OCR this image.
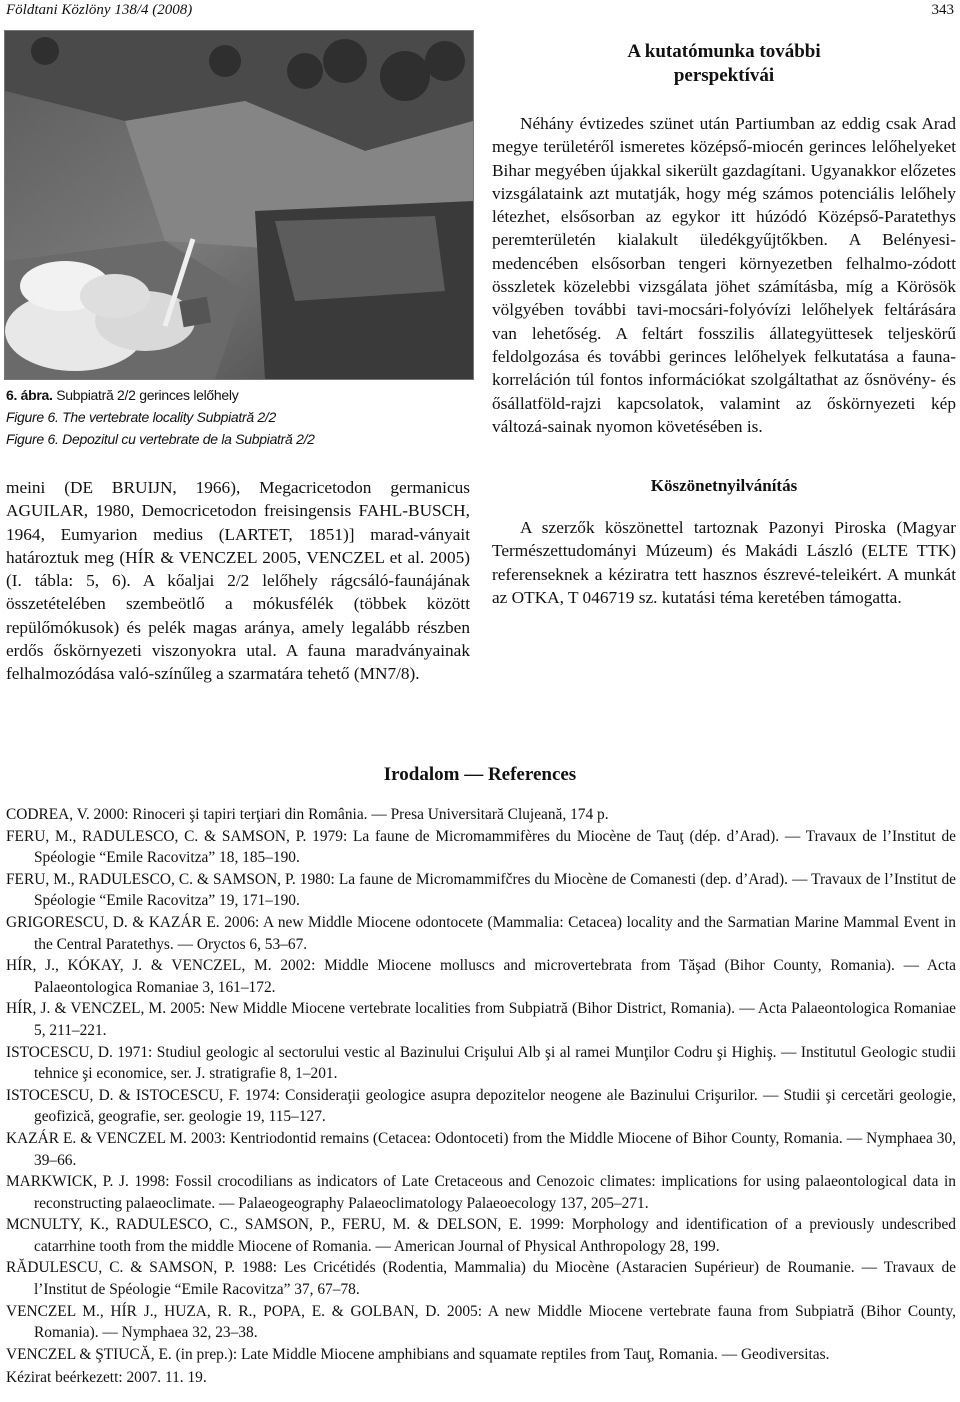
Földtani Közlöny 138/4 (2008)	343
6. ábra. Subpiatră 2/2 gerinces lelőhely
Figure 6. The vertebrate locality Subpiatră 2/2
Figure 6. Depozitul cu vertebrate de la Subpiatră 2/2
meini (DE BRUIJN, 1966), Megacricetodon germanicus AGUILAR, 1980, Democricetodon freisingensis FAHL-BUSCH, 1964, Eumyarion medius (LARTET, 1851)] marad-ványait határoztuk meg (HÍR & VENCZEL 2005, VENCZEL et al. 2005) (I. tábla: 5, 6). A kőaljai 2/2 lelőhely rágcsáló-faunájának összetételében szembeötlő a mókusfélék (többek között repülőmókusok) és pelék magas aránya, amely legalább részben erdős őskörnyezeti viszonyokra utal. A fauna maradványainak felhalmozódása való-színűleg a szarmatára tehető (MN7/8).

A kutatómunka további
perspektívái

Néhány évtizedes szünet után Partiumban az eddig csak Arad megye területéről ismeretes középső-miocén gerinces lelőhelyeket Bihar megyében újakkal sikerült gazdagítani. Ugyanakkor előzetes vizsgálataink azt mutatják, hogy még számos potenciális lelőhely létezhet, elsősorban az egykor itt húzódó Középső-Paratethys peremterületén kialakult üledékgyűjtőkben. A Belényesi-medencében elsősorban tengeri környezetben felhalmo-zódott összletek közelebbi vizsgálata jöhet számításba, míg a Körösök völgyében további tavi-mocsári-folyóvízi lelőhelyek feltárására van lehetőség. A feltárt fosszilis állategyüttesek teljeskörű feldolgozása és további gerinces lelőhelyek felkutatása a fauna-korreláción túl fontos információkat szolgáltathat az ősnövény- és ősállatföld-rajzi kapcsolatok, valamint az őskörnyezeti kép változá-sainak nyomon követésében is.

Köszönetnyilvánítás

A szerzők köszönettel tartoznak Pazonyi Piroska (Magyar Természettudományi Múzeum) és Makádi László (ELTE TTK) referenseknek a kéziratra tett hasznos észrevé-teleikért. A munkát az OTKA, T 046719 sz. kutatási téma keretében támogatta.

Irodalom — References
CODREA, V. 2000: Rinoceri şi tapiri terţiari din România. — Presa Universitară Clujeană, 174 p.
FERU, M., RADULESCO, C. & SAMSON, P. 1979: La faune de Micromammifères du Miocène de Tauţ (dép. d’Arad). — Travaux de l’Institut de Spéologie “Emile Racovitza” 18, 185–190.
FERU, M., RADULESCO, C. & SAMSON, P. 1980: La faune de Micromammifčres du Miocène de Comanesti (dep. d’Arad). — Travaux de l’Institut de Spéologie “Emile Racovitza” 19, 171–190.
GRIGORESCU, D. & KAZÁR E. 2006: A new Middle Miocene odontocete (Mammalia: Cetacea) locality and the Sarmatian Marine Mammal Event in the Central Paratethys. — Oryctos 6, 53–67.
HÍR, J., KÓKAY, J. & VENCZEL, M. 2002: Middle Miocene molluscs and microvertebrata from Tăşad (Bihor County, Romania). — Acta Palaeontologica Romaniae 3, 161–172.
HÍR, J. & VENCZEL, M. 2005: New Middle Miocene vertebrate localities from Subpiatră (Bihor District, Romania). — Acta Palaeontologica Romaniae 5, 211–221.
ISTOCESCU, D. 1971: Studiul geologic al sectorului vestic al Bazinului Crişului Alb şi al ramei Munţilor Codru şi Highiş. — Institutul Geologic studii tehnice şi economice, ser. J. stratigrafie 8, 1–201.
ISTOCESCU, D. & ISTOCESCU, F. 1974: Consideraţii geologice asupra depozitelor neogene ale Bazinului Crişurilor. — Studii şi cercetări geologie, geofizică, geografie, ser. geologie 19, 115–127.
KAZÁR E. & VENCZEL M. 2003: Kentriodontid remains (Cetacea: Odontoceti) from the Middle Miocene of Bihor County, Romania. — Nymphaea 30, 39–66.
MARKWICK, P. J. 1998: Fossil crocodilians as indicators of Late Cretaceous and Cenozoic climates: implications for using palaeontological data in reconstructing palaeoclimate. — Palaeogeography Palaeoclimatology Palaeoecology 137, 205–271.
MCNULTY, K., RADULESCO, C., SAMSON, P., FERU, M. & DELSON, E. 1999: Morphology and identification of a previously undescribed catarrhine tooth from the middle Miocene of Romania. — American Journal of Physical Anthropology 28, 199.
RĂDULESCU, C. & SAMSON, P. 1988: Les Cricétidés (Rodentia, Mammalia) du Miocène (Astaracien Supérieur) de Roumanie. — Travaux de l’Institut de Spéologie “Emile Racovitza” 37, 67–78.
VENCZEL M., HÍR J., HUZA, R. R., POPA, E. & GOLBAN, D. 2005: A new Middle Miocene vertebrate fauna from Subpiatră (Bihor County, Romania). — Nymphaea 32, 23–38.
VENCZEL & ŞTIUCĂ, E. (in prep.): Late Middle Miocene amphibians and squamate reptiles from Tauţ, Romania. — Geodiversitas.
Kézirat beérkezett: 2007. 11. 19.
